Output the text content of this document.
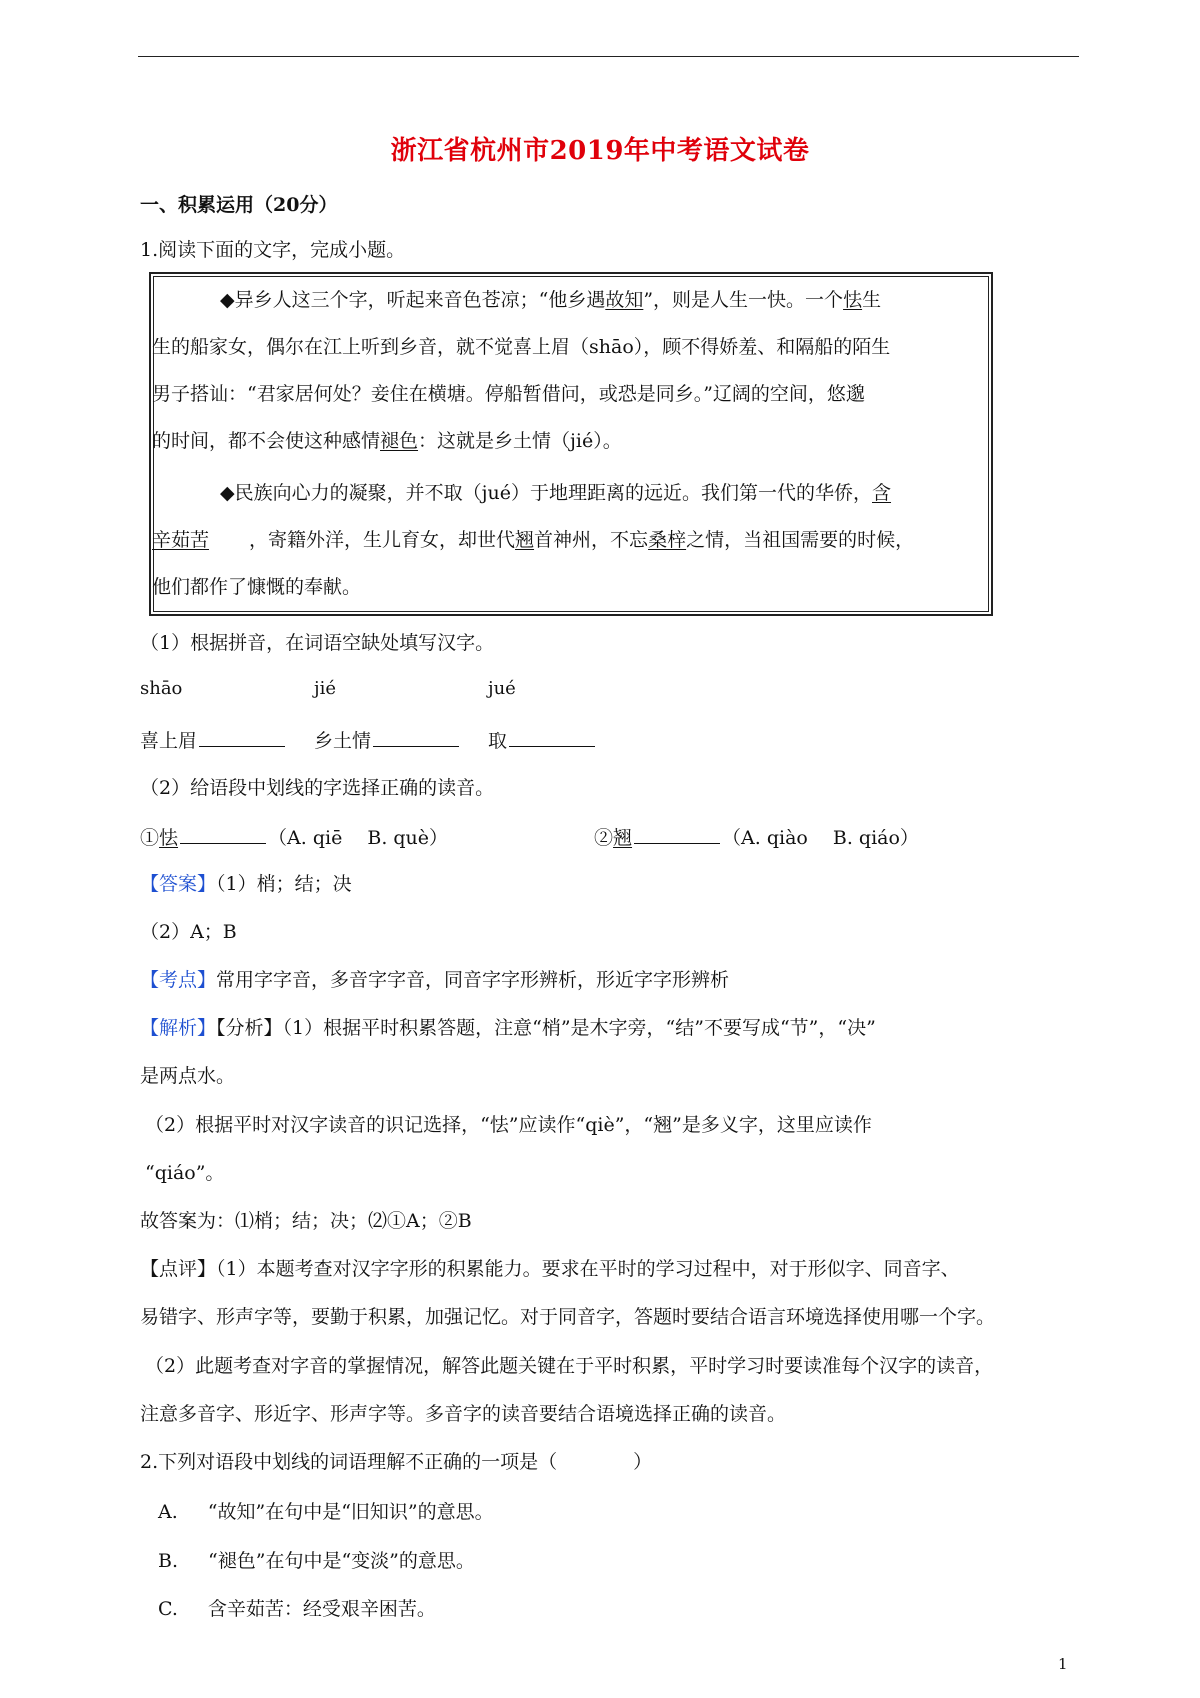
浙江省杭州市2019年中考语文试卷
一、积累运用（20分）
1.阅读下面的文字，完成小题。
◆异乡人这三个字，听起来音色苍凉；“他乡遇故知”，则是人生一快。一个怯生
生的船家女，偶尔在江上听到乡音，就不觉喜上眉（shāo），顾不得娇羞、和隔船的陌生
男子搭讪：“君家居何处？妾住在横塘。停船暂借问，或恐是同乡。”辽阔的空间，悠邈
的时间，都不会使这种感情褪色：这就是乡土情（jié）。
◆民族向心力的凝聚，并不取（jué）于地理距离的远近。我们第一代的华侨，含
辛茹苦 ，寄籍外洋，生儿育女，却世代翘首神州，不忘桑梓之情，当祖国需要的时候，
他们都作了慷慨的奉献。
（1）根据拼音，在词语空缺处填写汉字。
shāo	jié	jué
喜上眉	乡土情	取
（2）给语段中划线的字选择正确的读音。
①怯	（A. qiē　 B. què）	②翘	（A. qiào　 B. qiáo）
【答案】（1）梢；结；决
（2）A；B
【考点】常用字字音，多音字字音，同音字字形辨析，形近字字形辨析
【解析】【分析】（1）根据平时积累答题，注意“梢”是木字旁，“结”不要写成“节”，“决”
是两点水。
（2）根据平时对汉字读音的识记选择，“怯”应读作“qiè”，“翘”是多义字，这里应读作
“qiáo”。
故答案为：⑴梢；结；决；⑵①A；②B
【点评】（1）本题考查对汉字字形的积累能力。要求在平时的学习过程中，对于形似字、同音字、
易错字、形声字等，要勤于积累，加强记忆。对于同音字，答题时要结合语言环境选择使用哪一个字。
（2）此题考查对字音的掌握情况，解答此题关键在于平时积累，平时学习时要读准每个汉字的读音，
注意多音字、形近字、形声字等。多音字的读音要结合语境选择正确的读音。
2.下列对语段中划线的词语理解不正确的一项是（　　　　）
A. “故知”在句中是“旧知识”的意思。
B. “褪色”在句中是“变淡”的意思。
C. 含辛茹苦：经受艰辛困苦。
1
